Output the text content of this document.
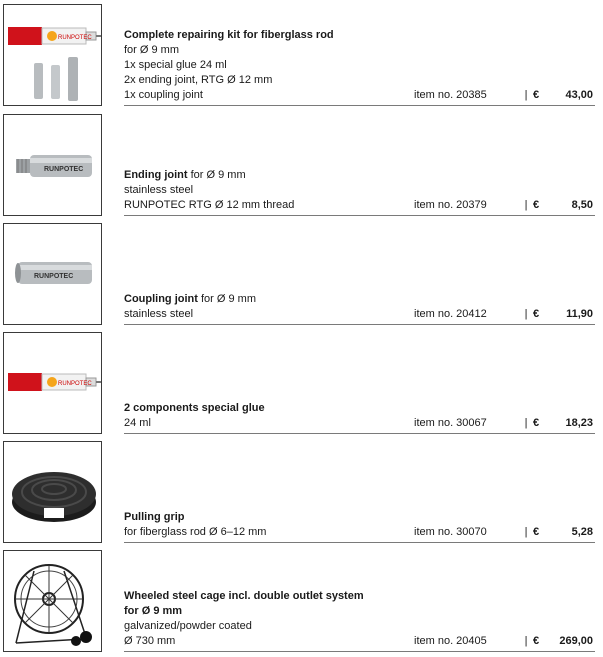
RUNPOTEC	Complete repairing kit for fiberglass rod
for Ø 9 mm
1x special glue 24 ml
2x ending joint, RTG Ø 12 mm
1x coupling joint	item no. 20385	| €	43,00
RUNPOTEC	Ending joint for Ø 9 mm
stainless steel
RUNPOTEC RTG Ø 12 mm thread	item no. 20379	| €	8,50
RUNPOTEC
Coupling joint for Ø 9 mm
stainless steel	item no. 20412	| €	11,90
RUNPOTEC
2 components special glue
24 ml	item no. 30067	| €	18,23
Pulling grip
for fiberglass rod Ø 6–12 mm	item no. 30070	| €	5,28
Wheeled steel cage incl. double outlet system
for Ø 9 mm
galvanized/powder coated
Ø 730 mm	item no. 20405	| €	269,00
